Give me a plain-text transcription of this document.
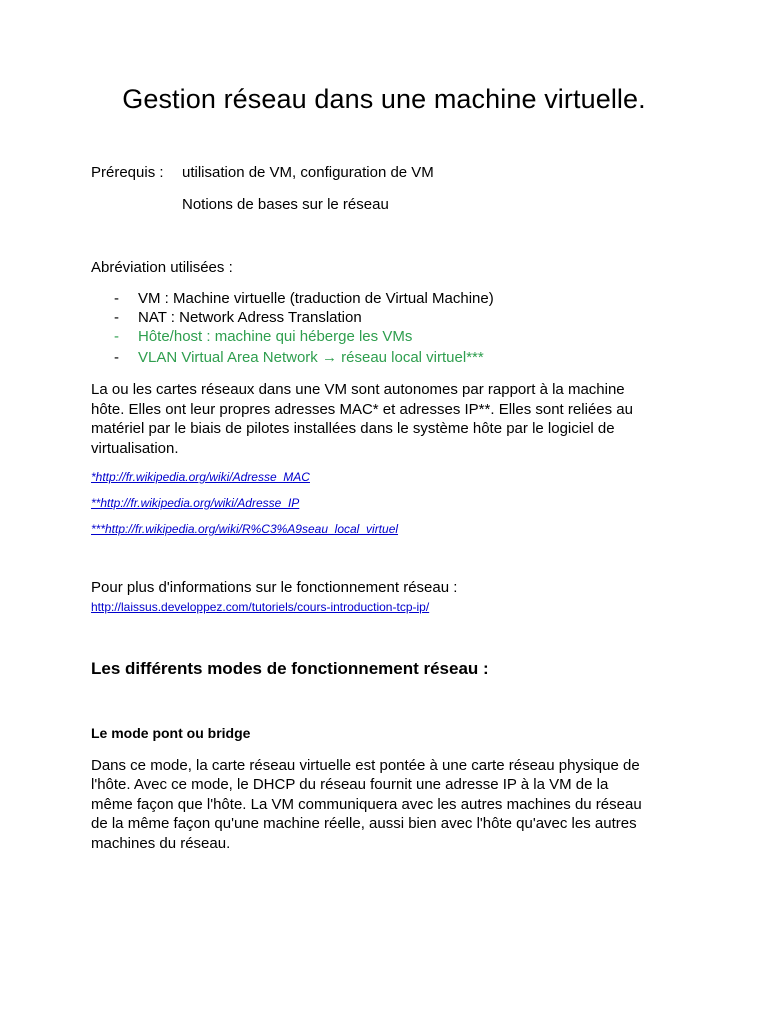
Gestion réseau dans une machine virtuelle.
Prérequis : utilisation de VM, configuration de VM
Notions de bases sur le réseau
Abréviation utilisées :
- VM : Machine virtuelle (traduction de Virtual Machine)
- NAT : Network Adress Translation
- Hôte/host : machine qui héberge les VMs
- VLAN Virtual Area Network → réseau local virtuel***
La ou les cartes réseaux dans une VM sont autonomes par rapport à la machine
hôte. Elles ont leur propres adresses MAC* et adresses IP**. Elles sont reliées au
matériel par le biais de pilotes installées dans le système hôte par le logiciel de
virtualisation.
*http://fr.wikipedia.org/wiki/Adresse_MAC
**http://fr.wikipedia.org/wiki/Adresse_IP
***http://fr.wikipedia.org/wiki/R%C3%A9seau_local_virtuel
Pour plus d'informations sur le fonctionnement réseau :
http://laissus.developpez.com/tutoriels/cours-introduction-tcp-ip/
Les différents modes de fonctionnement réseau :
Le mode pont ou bridge
Dans ce mode, la carte réseau virtuelle est pontée à une carte réseau physique de
l'hôte. Avec ce mode, le DHCP du réseau fournit une adresse IP à la VM de la
même façon que l'hôte. La VM communiquera avec les autres machines du réseau
de la même façon qu'une machine réelle, aussi bien avec l'hôte qu'avec les autres
machines du réseau.
